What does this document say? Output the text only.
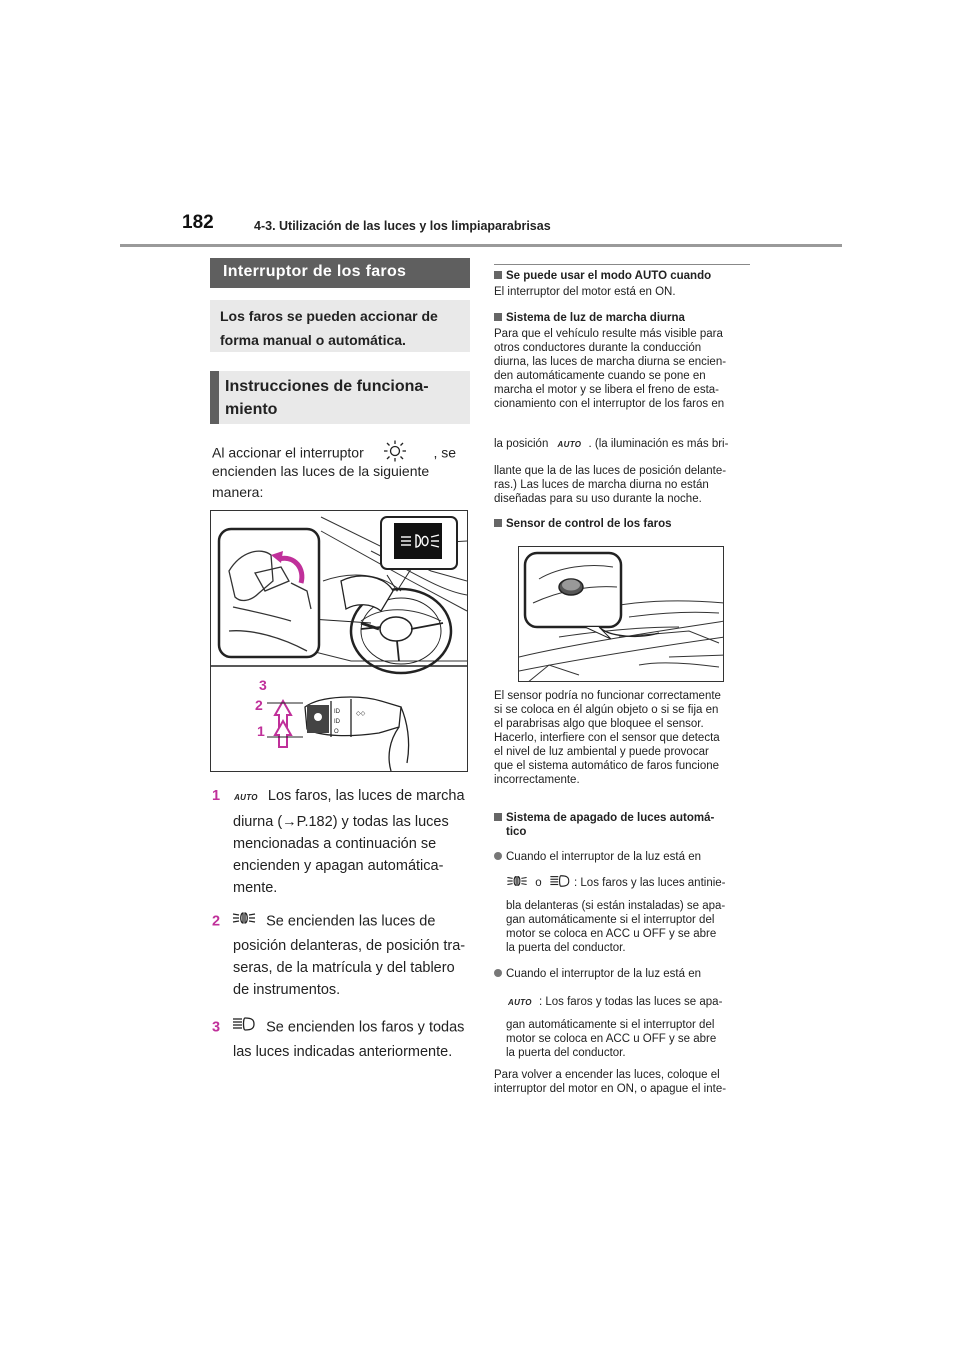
182	4-3. Utilización de las luces y los limpiaparabrisas
Interruptor de los faros

Los faros se pueden accionar de forma manual o automática.

Instrucciones de funciona-miento

Al accionar el interruptor	, se
encienden las luces de la siguiente
manera:
ID
ID
O
◇◇
3
2
1
1 AUTO Los faros, las luces de marcha
diurna (→P.182) y todas las luces
mencionadas a continuación se
encienden y apagan automática-
mente.
2	Se encienden las luces de
posición delanteras, de posición tra-
seras, de la matrícula y del tablero
de instrumentos.
3	Se encienden los faros y todas
las luces indicadas anteriormente.
Se puede usar el modo AUTO cuando
El interruptor del motor está en ON.
Sistema de luz de marcha diurna
Para que el vehículo resulte más visible para
otros conductores durante la conducción
diurna, las luces de marcha diurna se encien-
den automáticamente cuando se pone en
marcha el motor y se libera el freno de esta-
cionamiento con el interruptor de los faros en
la posición AUTO . (la iluminación es más bri-
llante que la de las luces de posición delante-
ras.) Las luces de marcha diurna no están
diseñadas para su uso durante la noche.
Sensor de control de los faros
El sensor podría no funcionar correctamente
si se coloca en él algún objeto o si se fija en
el parabrisas algo que bloquee el sensor.
Hacerlo, interfiere con el sensor que detecta
el nivel de luz ambiental y puede provocar
que el sistema automático de faros funcione
incorrectamente.
Sistema de apagado de luces automá-
tico
Cuando el interruptor de la luz está en
o	: Los faros y las luces antinie-
bla delanteras (si están instaladas) se apa-
gan automáticamente si el interruptor del
motor se coloca en ACC u OFF y se abre
la puerta del conductor.
Cuando el interruptor de la luz está en
AUTO : Los faros y todas las luces se apa-
gan automáticamente si el interruptor del
motor se coloca en ACC u OFF y se abre
la puerta del conductor.
Para volver a encender las luces, coloque el
interruptor del motor en ON, o apague el inte-
